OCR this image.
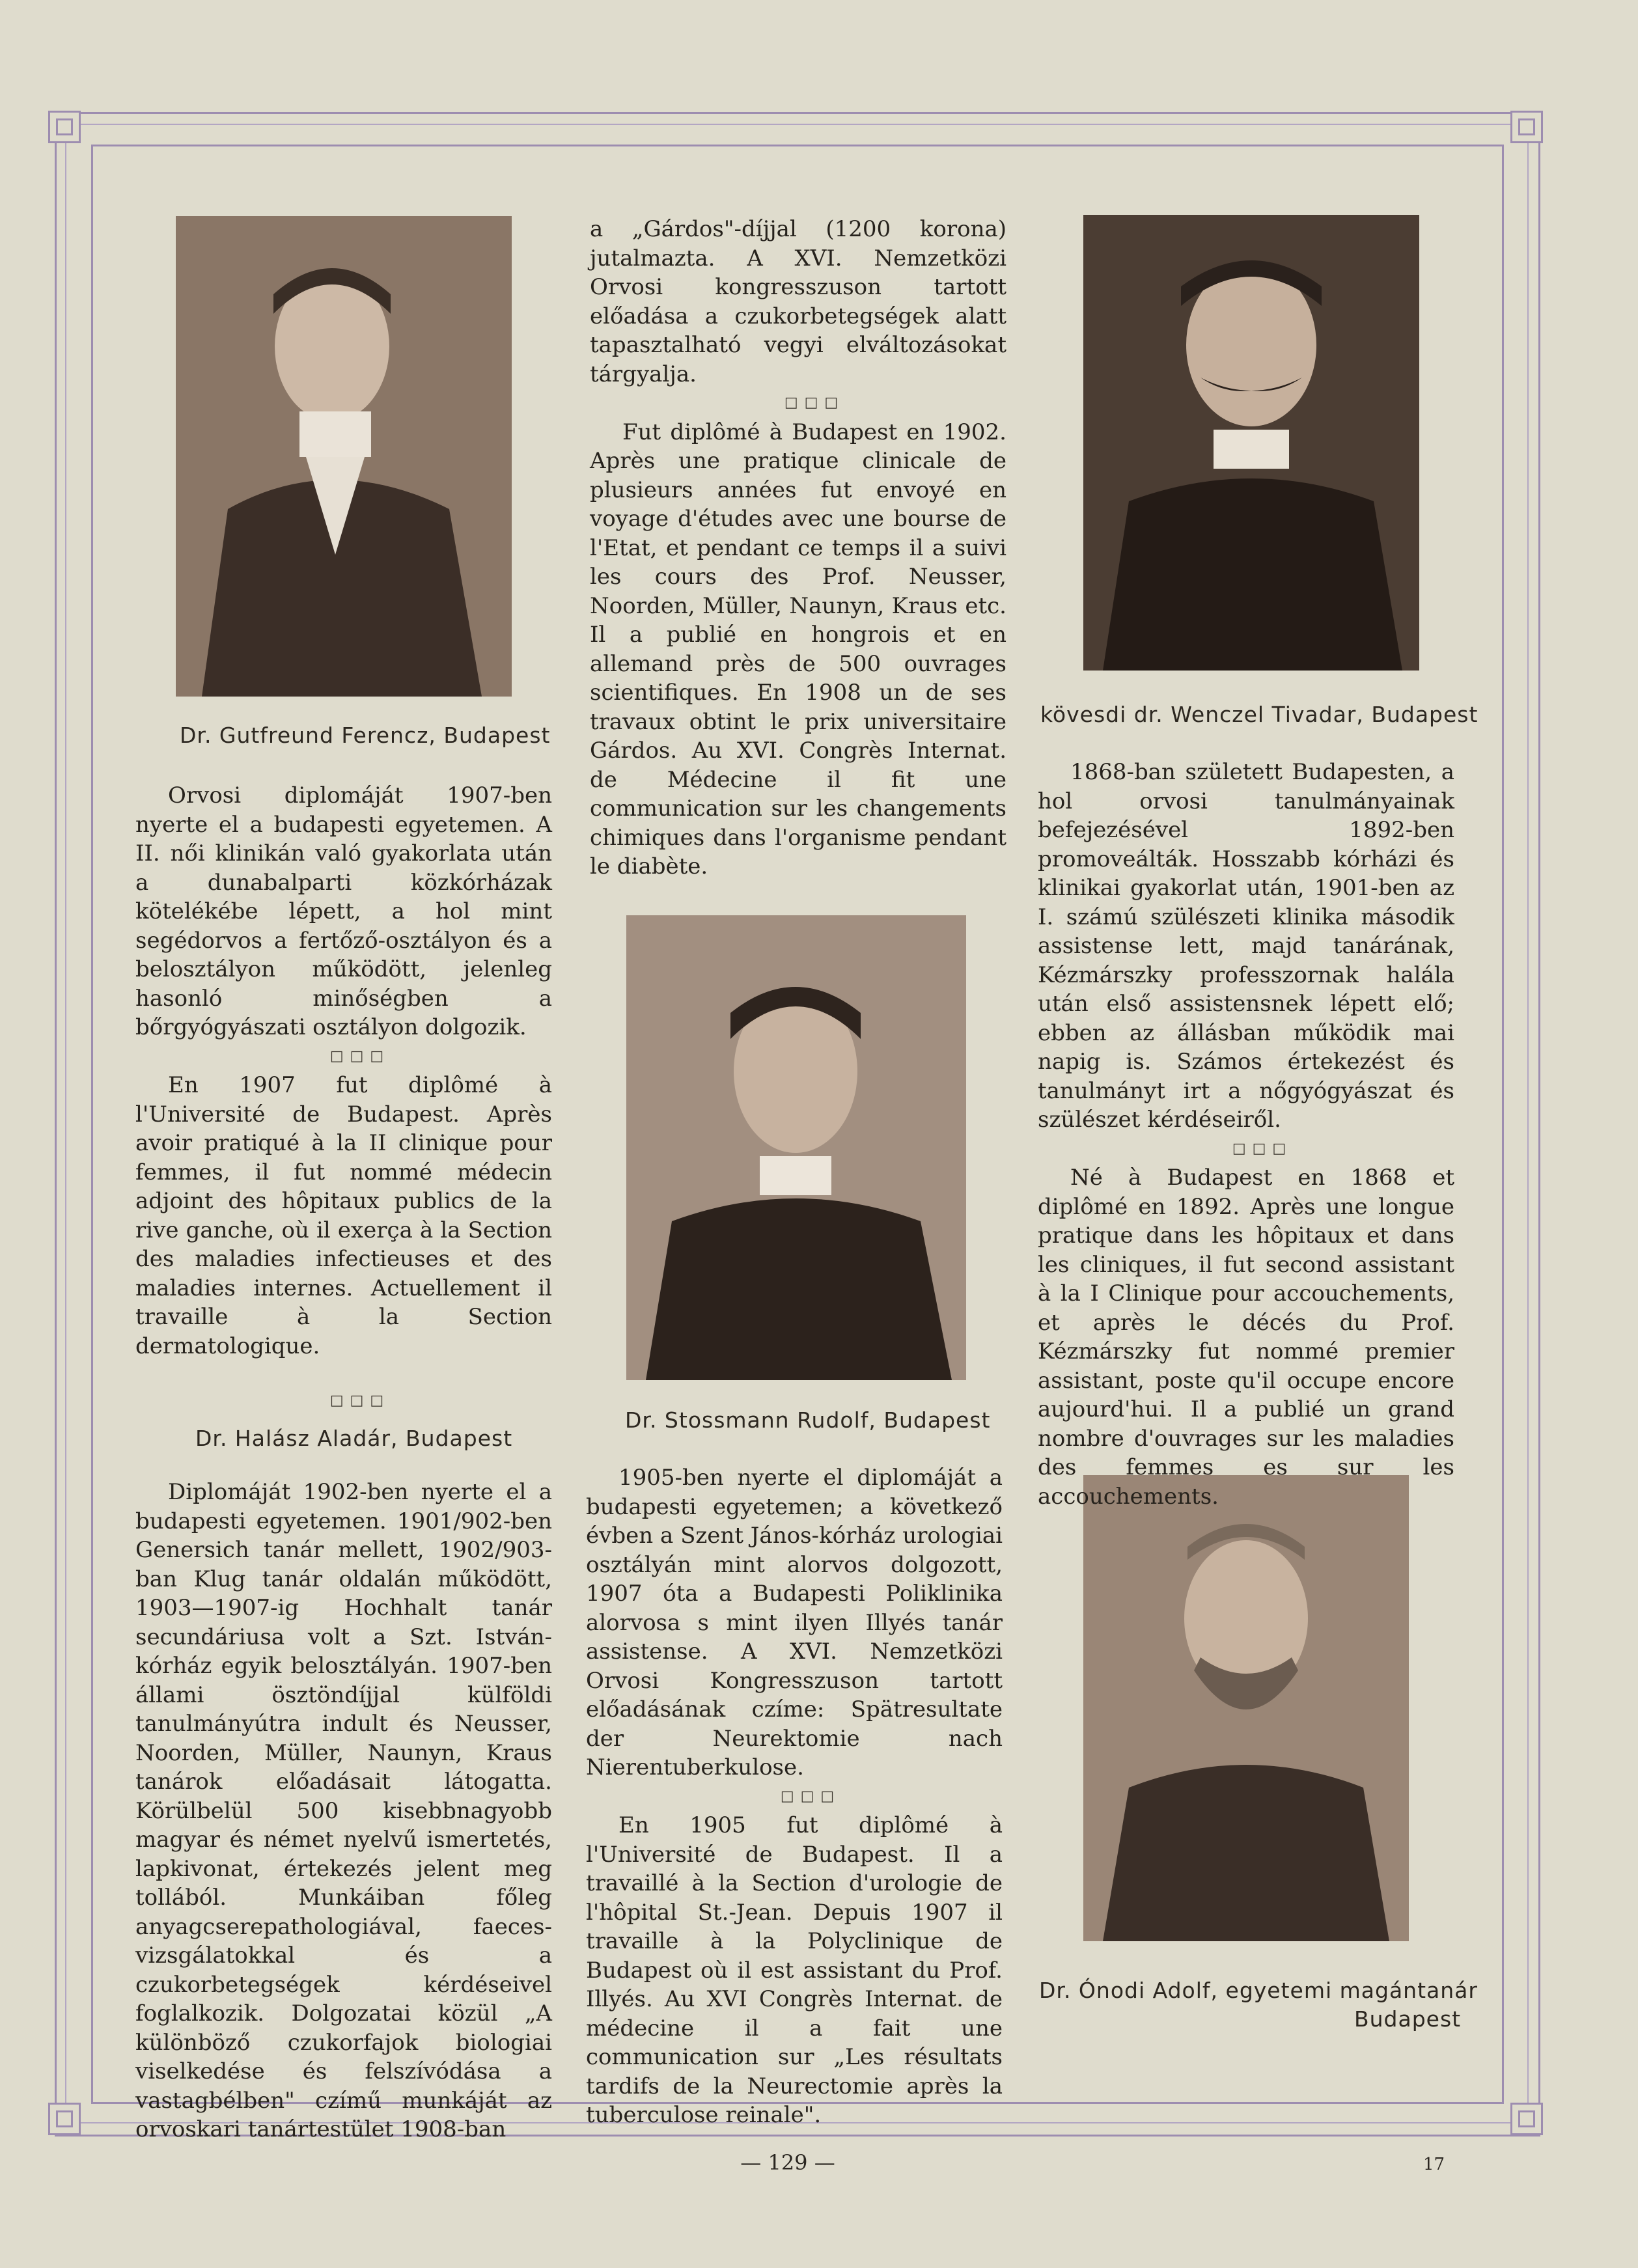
Dr. Gutfreund Ferencz, Budapest
kövesdi dr. Wenczel Tivadar, Budapest
Dr. Stossmann Rudolf, Budapest
Dr. Ónodi Adolf, egyetemi magántanár
Budapest
Dr. Halász Aladár, Budapest

Orvosi diplomáját 1907-ben nyerte el a budapesti egyetemen. A II. női klinikán való gyakorlata után a dunabalparti közkórházak kötelékébe lépett, a hol mint segédorvos a fertőző-osztályon és a belosztályon működött, jelenleg hasonló minőségben a bőrgyógyászati osztályon dolgozik.

□□□

En 1907 fut diplômé à l'Université de Budapest. Après avoir pratiqué à la II clinique pour femmes, il fut nommé médecin adjoint des hôpitaux publics de la rive ganche, où il exerça à la Section des maladies infectieuses et des maladies internes. Actuellement il travaille à la Section dermatologique.

□□□

Diplomáját 1902-ben nyerte el a budapesti egyetemen. 1901/902-ben Genersich tanár mellett, 1902/903-ban Klug tanár oldalán működött, 1903—1907-ig Hochhalt tanár secundáriusa volt a Szt. István-kórház egyik belosztályán. 1907-ben állami ösztöndíjjal külföldi tanulmányútra indult és Neusser, Noorden, Müller, Naunyn, Kraus tanárok előadásait látogatta. Körülbelül 500 kisebbnagyobb magyar és német nyelvű ismertetés, lapkivonat, értekezés jelent meg tollából. Munkáiban főleg anyagcserepathologiával, faeces-vizsgálatokkal és a czukorbetegségek kérdéseivel foglalkozik. Dolgozatai közül „A különböző czukorfajok biologiai viselkedése és felszívódása a vastagbélben" czímű munkáját az orvoskari tanártestület 1908-ban

a „Gárdos"-díjjal (1200 korona) jutalmazta. A XVI. Nemzetközi Orvosi kongresszuson tartott előadása a czukorbetegségek alatt tapasztalható vegyi elváltozásokat tárgyalja.

□□□

Fut diplômé à Budapest en 1902. Après une pratique clinicale de plusieurs années fut envoyé en voyage d'études avec une bourse de l'Etat, et pendant ce temps il a suivi les cours des Prof. Neusser, Noorden, Müller, Naunyn, Kraus etc. Il a publié en hongrois et en allemand près de 500 ouvrages scientifiques. En 1908 un de ses travaux obtint le prix universitaire Gárdos. Au XVI. Congrès Internat. de Médecine il fit une communication sur les changements chimiques dans l'organisme pendant le diabète.

1905-ben nyerte el diplomáját a budapesti egyetemen; a következő évben a Szent János-kórház urologiai osztályán mint alorvos dolgozott, 1907 óta a Budapesti Poliklinika alorvosa s mint ilyen Illyés tanár assistense. A XVI. Nemzetközi Orvosi Kongresszuson tartott előadásának czíme: Spätresultate der Neurektomie nach Nierentuberkulose.

□□□

En 1905 fut diplômé à l'Université de Budapest. Il a travaillé à la Section d'urologie de l'hôpital St.-Jean. Depuis 1907 il travaille à la Polyclinique de Budapest où il est assistant du Prof. Illyés. Au XVI Congrès Internat. de médecine il a fait une communication sur „Les résultats tardifs de la Neurectomie après la tuberculose reinale".

1868-ban született Budapesten, a hol orvosi tanulmányainak befejezésével 1892-ben promoveálták. Hosszabb kórházi és klinikai gyakorlat után, 1901-ben az I. számú szülészeti klinika második assistense lett, majd tanárának, Kézmárszky professzornak halála után első assistensnek lépett elő; ebben az állásban működik mai napig is. Számos értekezést és tanulmányt irt a nőgyógyászat és szülészet kérdéseiről.

□□□

Né à Budapest en 1868 et diplômé en 1892. Après une longue pratique dans les hôpitaux et dans les cliniques, il fut second assistant à la I Clinique pour accouchements, et après le décés du Prof. Kézmárszky fut nommé premier assistant, poste qu'il occupe encore aujourd'hui. Il a publié un grand nombre d'ouvrages sur les maladies des femmes es sur les accouchements.

— 129 —	17
